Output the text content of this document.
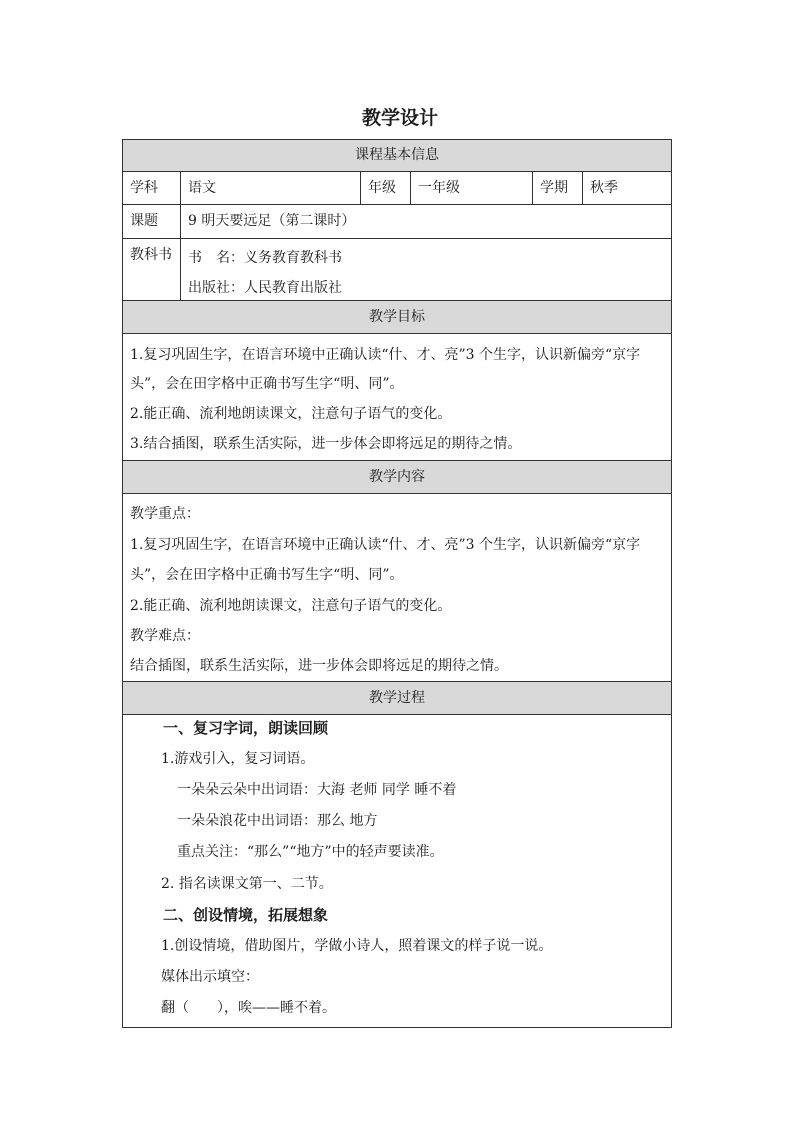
教学设计
课程基本信息
学科	语文	年级	一年级	学期	秋季
课题	9 明天要远足（第二课时）
教科书	书　名：义务教育教科书
出版社：人民教育出版社
教学目标
1.复习巩固生字，在语言环境中正确认读“什、才、亮”3 个生字，认识新偏旁“京字
头”，会在田字格中正确书写生字“明、同”。
2.能正确、流利地朗读课文，注意句子语气的变化。
3.结合插图，联系生活实际，进一步体会即将远足的期待之情。
教学内容
教学重点：
1.复习巩固生字，在语言环境中正确认读“什、才、亮”3 个生字，认识新偏旁“京字
头”，会在田字格中正确书写生字“明、同”。
2.能正确、流利地朗读课文，注意句子语气的变化。
教学难点：
结合插图，联系生活实际，进一步体会即将远足的期待之情。
教学过程
一、复习字词，朗读回顾
1.游戏引入，复习词语。
一朵朵云朵中出词语：大海 老师 同学 睡不着
一朵朵浪花中出词语：那么 地方
重点关注：“那么”“地方”中的轻声要读准。
2. 指名读课文第一、二节。
二、创设情境，拓展想象
1.创设情境，借助图片，学做小诗人，照着课文的样子说一说。
媒体出示填空：
翻（　　），唉——睡不着。
